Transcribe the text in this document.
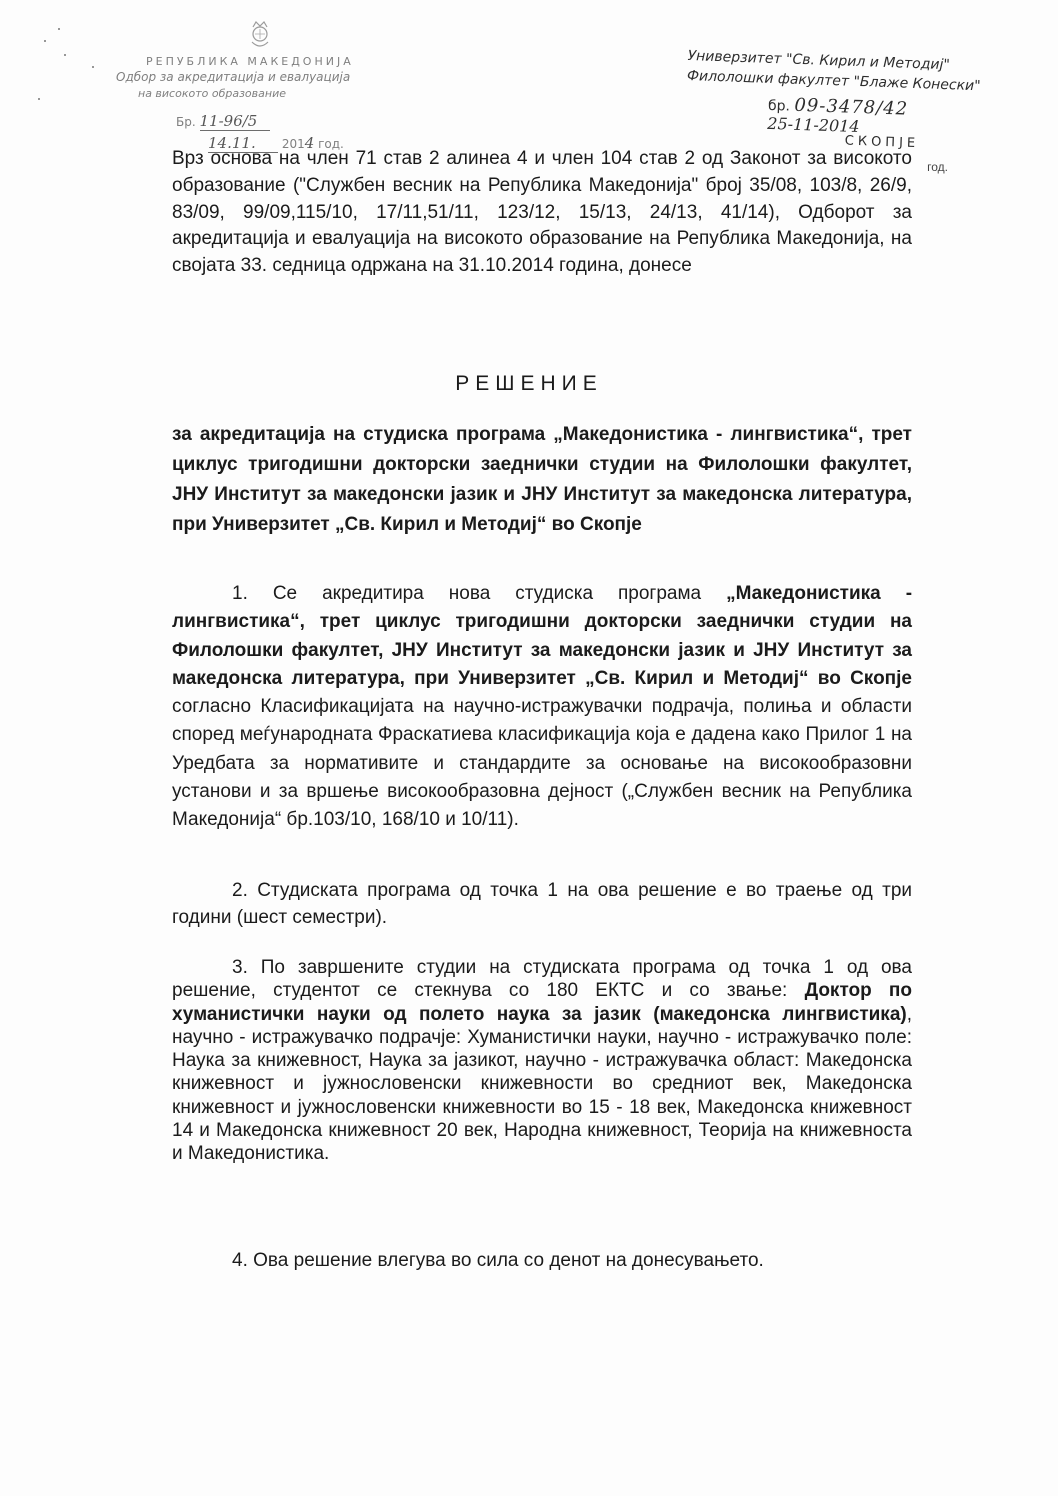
РЕПУБЛИКА МАКЕДОНИЈА
Одбор за акредитација и евалуација
на високото образование
Бр. 11-96/5
14.11. 2014 год.
Универзитет "Св. Кирил и Методиј"
Филолошки факултет "Блаже Конески"
бр. 09-3478/42
25-11-2014
СКОПЈЕ
Врз основа на член 71 став 2 алинеа 4 и член 104 став 2 од Законот за високото образование ("Службен весник на Република Македонија" број 35/08, 103/8, 26/9, 83/09, 99/09,115/10, 17/11,51/11, 123/12, 15/13, 24/13, 41/14), Одборот за акредитација и евалуација на високото образование на Република Македонија, на својата 33. седница одржана на 31.10.2014 година, донесе
год.
РЕШЕНИЕ
за акредитација на студиска програма „Македонистика - лингвистика“, трет циклус тригодишни докторски заеднички студии на Филолошки факултет, ЈНУ Институт за македонски јазик и ЈНУ Институт за македонска литература, при Универзитет „Св. Кирил и Методиј“ во Скопје
1. Се акредитира нова студиска програма „Македонистика - лингвистика“, трет циклус тригодишни докторски заеднички студии на Филолошки факултет, ЈНУ Институт за македонски јазик и ЈНУ Институт за македонска литература, при Универзитет „Св. Кирил и Методиј“ во Скопје согласно Класификацијата на научно-истражувачки подрачја, полиња и области според меѓународната Фраскатиева класификација која е дадена како Прилог 1 на Уредбата за нормативите и стандардите за основање на високообразовни установи и за вршење високообразовна дејност („Службен весник на Република Македонија“ бр.103/10, 168/10 и 10/11).
2. Студиската програма од точка 1 на ова решение е во траење од три години (шест семестри).
3. По завршените студии на студиската програма од точка 1 од ова решение, студентот се стекнува со 180 ЕКТС и со звање: Доктор по хуманистички науки од полето наука за јазик (македонска лингвистика), научно - истражувачко подрачје: Хуманистички науки, научно - истражувачко поле: Наука за книжевност, Наука за јазикот, научно - истражувачка област: Македонска книжевност и јужнословенски книжевности во средниот век, Македонска книжевност и јужнословенски книжевности во 15 - 18 век, Македонска книжевност 14 и Македонска книжевност 20 век, Народна книжевност, Теорија на книжевноста и Македонистика.
4. Ова решение влегува во сила со денот на донесувањето.
